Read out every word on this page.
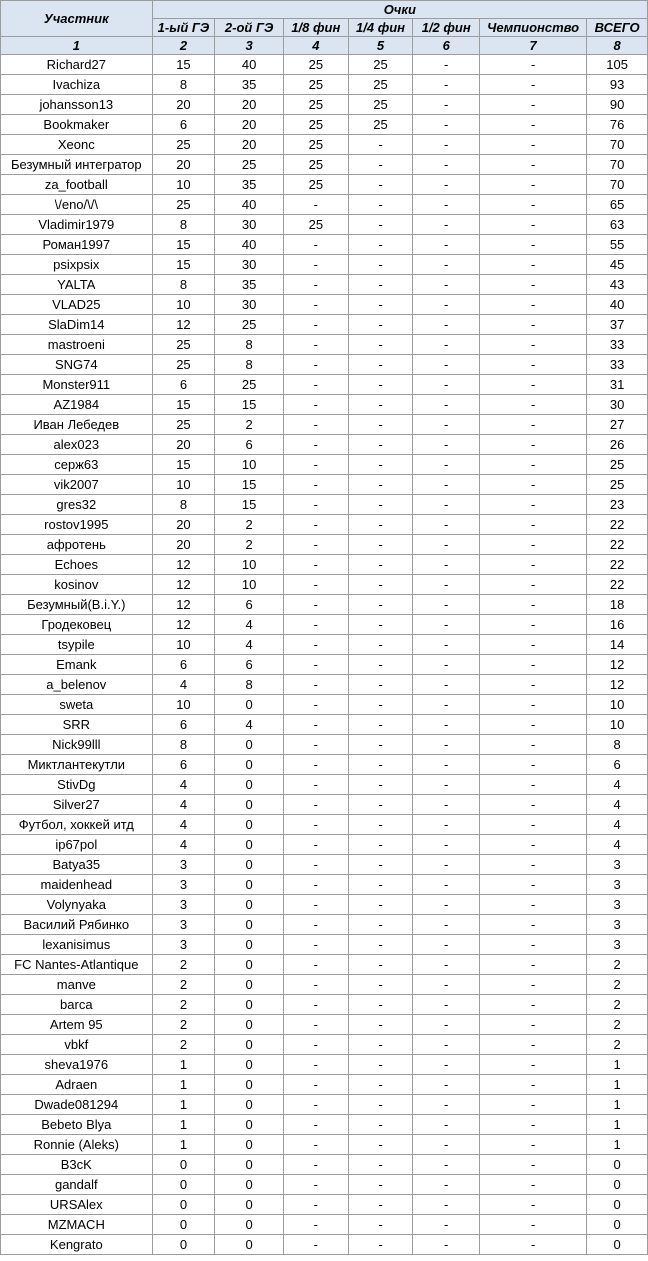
Участник	Очки						
	1-ый ГЭ	2-ой ГЭ	1/8 фин	1/4 фин	1/2 фин	Чемпионство	ВСЕГО
1	2	3	4	5	6	7	8
Richard27	15	40	25	25	-	-	105
Ivachiza	8	35	25	25	-	-	93
johansson13	20	20	25	25	-	-	90
Bookmaker	6	20	25	25	-	-	76
Xeonc	25	20	25	-	-	-	70
Безумный интегратор	20	25	25	-	-	-	70
za_football	10	35	25	-	-	-	70
\/eno/\/\	25	40	-	-	-	-	65
Vladimir1979	8	30	25	-	-	-	63
Роман1997	15	40	-	-	-	-	55
psixpsix	15	30	-	-	-	-	45
YALTA	8	35	-	-	-	-	43
VLAD25	10	30	-	-	-	-	40
SlaDim14	12	25	-	-	-	-	37
mastroeni	25	8	-	-	-	-	33
SNG74	25	8	-	-	-	-	33
Monster911	6	25	-	-	-	-	31
AZ1984	15	15	-	-	-	-	30
Иван Лебедев	25	2	-	-	-	-	27
alex023	20	6	-	-	-	-	26
серж63	15	10	-	-	-	-	25
vik2007	10	15	-	-	-	-	25
gres32	8	15	-	-	-	-	23
rostov1995	20	2	-	-	-	-	22
афротень	20	2	-	-	-	-	22
Echoes	12	10	-	-	-	-	22
kosinov	12	10	-	-	-	-	22
Безумный(B.i.Y.)	12	6	-	-	-	-	18
Гродековец	12	4	-	-	-	-	16
tsypile	10	4	-	-	-	-	14
Emank	6	6	-	-	-	-	12
a_belenov	4	8	-	-	-	-	12
sweta	10	0	-	-	-	-	10
SRR	6	4	-	-	-	-	10
Nick99lll	8	0	-	-	-	-	8
Миктлантекутли	6	0	-	-	-	-	6
StivDg	4	0	-	-	-	-	4
Silver27	4	0	-	-	-	-	4
Футбол, хоккей итд	4	0	-	-	-	-	4
ip67pol	4	0	-	-	-	-	4
Batya35	3	0	-	-	-	-	3
maidenhead	3	0	-	-	-	-	3
Volynyaka	3	0	-	-	-	-	3
Василий Рябинко	3	0	-	-	-	-	3
lexanisimus	3	0	-	-	-	-	3
FC Nantes-Atlantique	2	0	-	-	-	-	2
manve	2	0	-	-	-	-	2
barca	2	0	-	-	-	-	2
Artem 95	2	0	-	-	-	-	2
vbkf	2	0	-	-	-	-	2
sheva1976	1	0	-	-	-	-	1
Adraen	1	0	-	-	-	-	1
Dwade081294	1	0	-	-	-	-	1
Bebeto Blya	1	0	-	-	-	-	1
Ronnie (Aleks)	1	0	-	-	-	-	1
B3cK	0	0	-	-	-	-	0
gandalf	0	0	-	-	-	-	0
URSAlex	0	0	-	-	-	-	0
MZMACH	0	0	-	-	-	-	0
Kengrato	0	0	-	-	-	-	0
